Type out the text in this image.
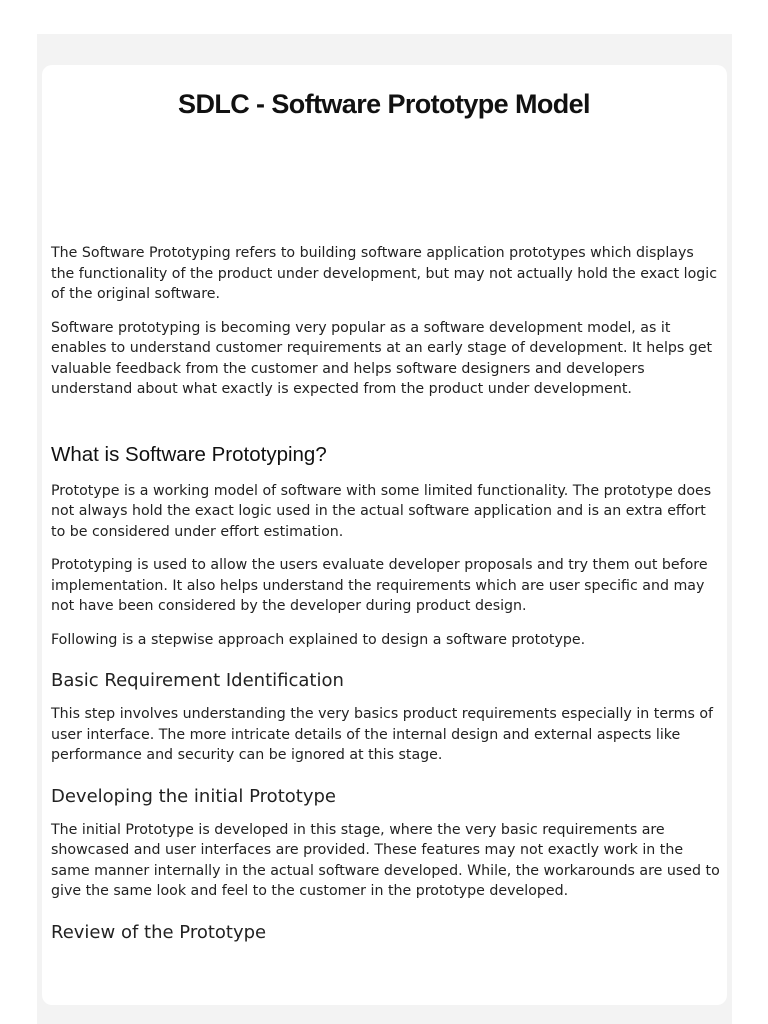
SDLC - Software Prototype Model

The Software Prototyping refers to building software application prototypes which displays the functionality of the product under development, but may not actually hold the exact logic of the original software.

Software prototyping is becoming very popular as a software development model, as it enables to understand customer requirements at an early stage of development. It helps get valuable feedback from the customer and helps software designers and developers understand about what exactly is expected from the product under development.

What is Software Prototyping?

Prototype is a working model of software with some limited functionality. The prototype does not always hold the exact logic used in the actual software application and is an extra effort to be considered under effort estimation.

Prototyping is used to allow the users evaluate developer proposals and try them out before implementation. It also helps understand the requirements which are user specific and may not have been considered by the developer during product design.

Following is a stepwise approach explained to design a software prototype.

Basic Requirement Identification

This step involves understanding the very basics product requirements especially in terms of user interface. The more intricate details of the internal design and external aspects like performance and security can be ignored at this stage.

Developing the initial Prototype

The initial Prototype is developed in this stage, where the very basic requirements are showcased and user interfaces are provided. These features may not exactly work in the same manner internally in the actual software developed. While, the workarounds are used to give the same look and feel to the customer in the prototype developed.

Review of the Prototype
